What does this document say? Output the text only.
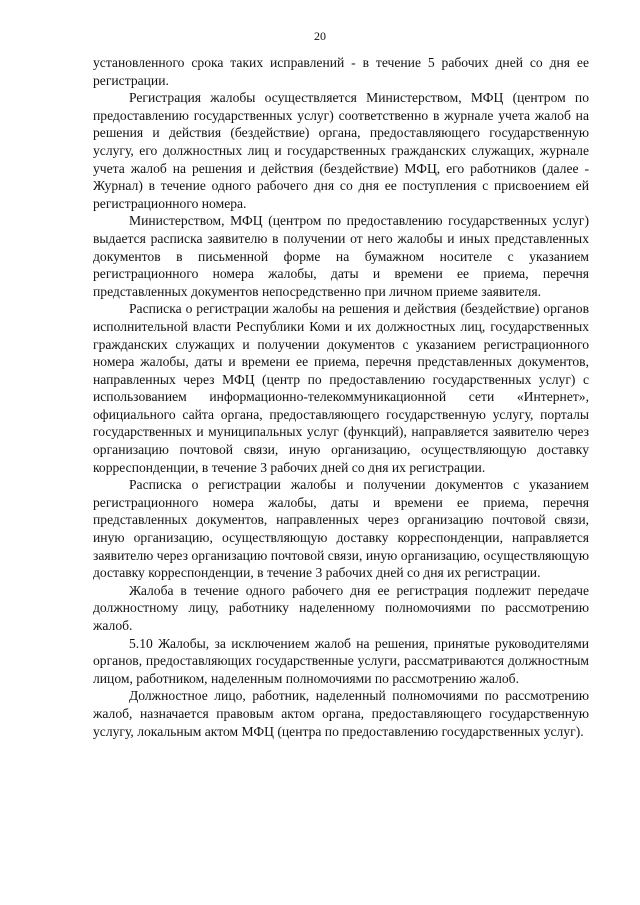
20

установленного срока таких исправлений - в течение 5 рабочих дней со дня ее регистрации.

Регистрация жалобы осуществляется Министерством, МФЦ (центром по предоставлению государственных услуг) соответственно в журнале учета жалоб на решения и действия (бездействие) органа, предоставляющего государственную услугу, его должностных лиц и государственных гражданских служащих, журнале учета жалоб на решения и действия (бездействие) МФЦ, его работников (далее - Журнал) в течение одного рабочего дня со дня ее поступления с присвоением ей регистрационного номера.

Министерством, МФЦ (центром по предоставлению государственных услуг) выдается расписка заявителю в получении от него жалобы и иных представленных документов в письменной форме на бумажном носителе с указанием регистрационного номера жалобы, даты и времени ее приема, перечня представленных документов непосредственно при личном приеме заявителя.

Расписка о регистрации жалобы на решения и действия (бездействие) органов исполнительной власти Республики Коми и их должностных лиц, государственных гражданских служащих и получении документов с указанием регистрационного номера жалобы, даты и времени ее приема, перечня представленных документов, направленных через МФЦ (центр по предоставлению государственных услуг) с использованием информационно-телекоммуникационной сети «Интернет», официального сайта органа, предоставляющего государственную услугу, порталы государственных и муниципальных услуг (функций), направляется заявителю через организацию почтовой связи, иную организацию, осуществляющую доставку корреспонденции, в течение 3 рабочих дней со дня их регистрации.

Расписка о регистрации жалобы и получении документов с указанием регистрационного номера жалобы, даты и времени ее приема, перечня представленных документов, направленных через организацию почтовой связи, иную организацию, осуществляющую доставку корреспонденции, направляется заявителю через организацию почтовой связи, иную организацию, осуществляющую доставку корреспонденции, в течение 3 рабочих дней со дня их регистрации.

Жалоба в течение одного рабочего дня ее регистрация подлежит передаче должностному лицу, работнику наделенному полномочиями по рассмотрению жалоб.

5.10 Жалобы, за исключением жалоб на решения, принятые руководителями органов, предоставляющих государственные услуги, рассматриваются должностным лицом, работником, наделенным полномочиями по рассмотрению жалоб.

Должностное лицо, работник, наделенный полномочиями по рассмотрению жалоб, назначается правовым актом органа, предоставляющего государственную услугу, локальным актом МФЦ (центра по предоставлению государственных услуг).
